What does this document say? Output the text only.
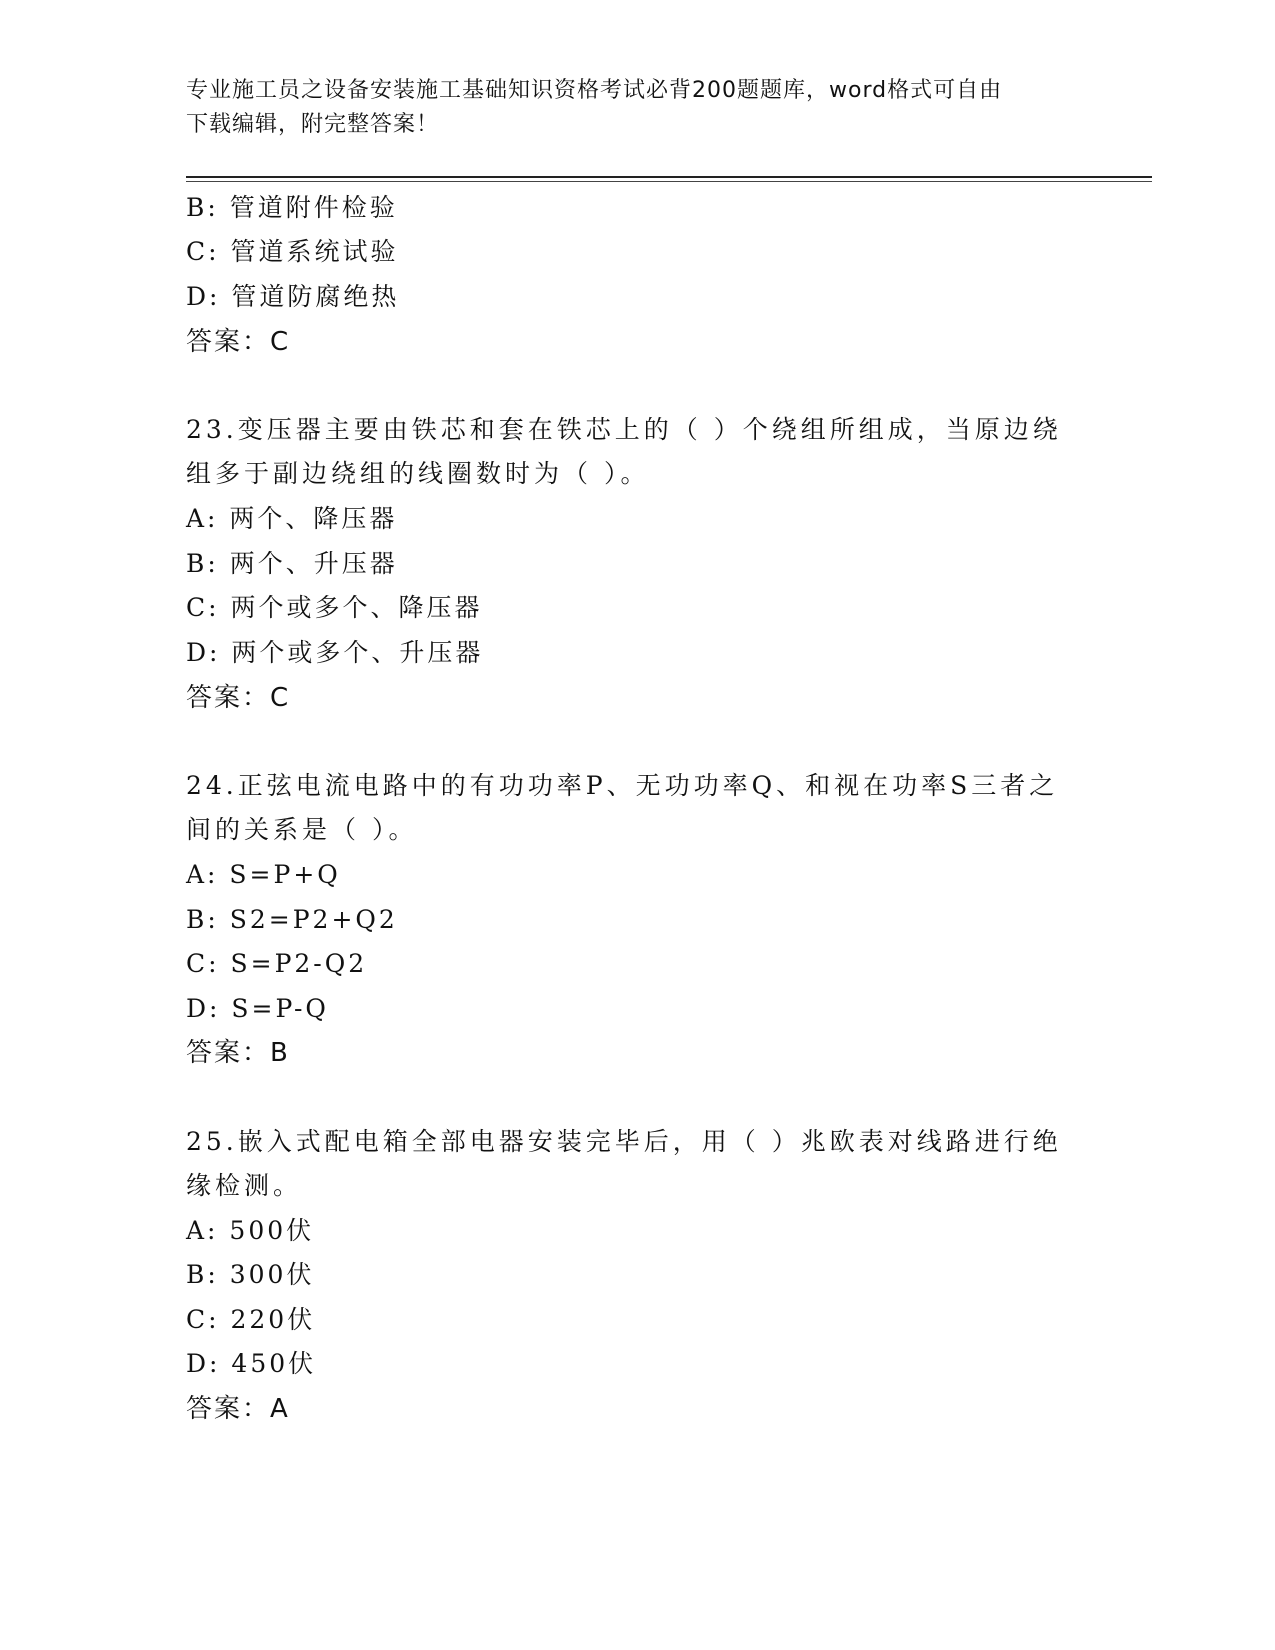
专业施工员之设备安装施工基础知识资格考试必背200题题库，word格式可自由
下载编辑，附完整答案！
B: 管道附件检验
C: 管道系统试验
D: 管道防腐绝热
答案：C
23.变压器主要由铁芯和套在铁芯上的（ ）个绕组所组成，当原边绕
组多于副边绕组的线圈数时为（ ）。
A: 两个、降压器
B: 两个、升压器
C: 两个或多个、降压器
D: 两个或多个、升压器
答案：C
24.正弦电流电路中的有功功率P、无功功率Q、和视在功率S三者之
间的关系是（ ）。
A: S=P+Q
B: S2=P2+Q2
C: S=P2-Q2
D: S=P-Q
答案：B
25.嵌入式配电箱全部电器安装完毕后，用（ ）兆欧表对线路进行绝
缘检测。
A: 500伏
B: 300伏
C: 220伏
D: 450伏
答案：A
